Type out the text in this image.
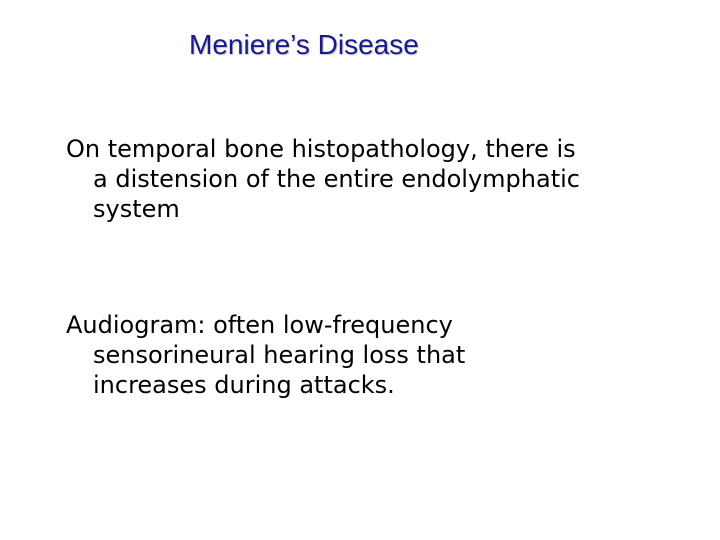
Meniere’s Disease

On temporal bone histopathology, there is
a distension of the entire endolymphatic
system

Audiogram: often low-frequency
sensorineural hearing loss that
increases during attacks.
